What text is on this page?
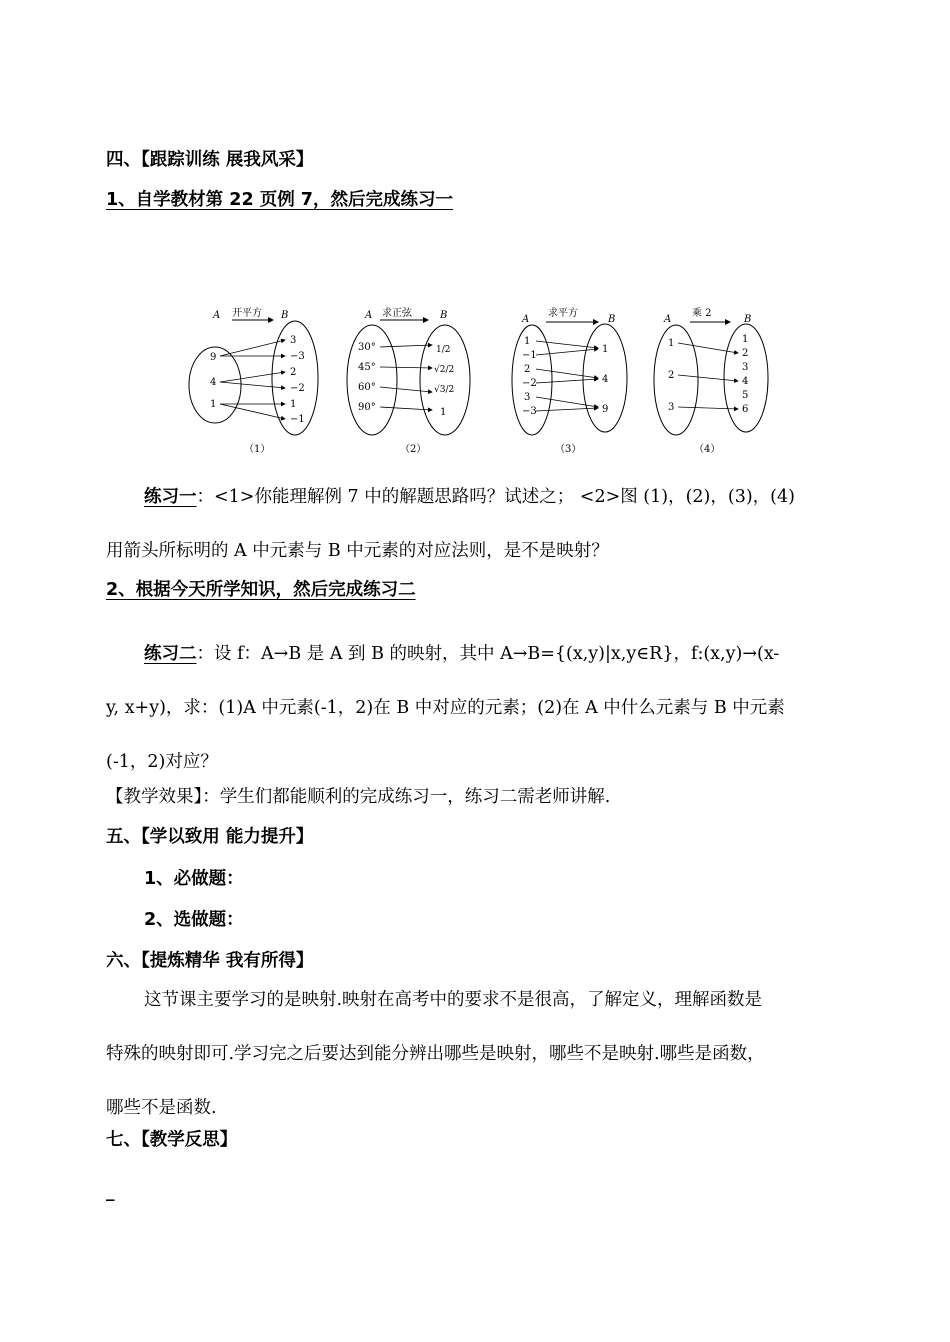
四、【跟踪训练 展我风采】
1、自学教材第 22 页例 7，然后完成练习一
A 开平方 B
9
4
1
3
−3
2
−2
1
−1
（1）
A 求正弦	B
30°
45°
60°
90°
1/2
√2/2
√3/2
1
（2）
A
求平方
B
1
−1
2
−2
3
−3
1
4
9
（3）
A
乘 2
B
1
2
3
1
2
3
4
5
6
（4）
练习一：<1>你能理解例 7 中的解题思路吗？试述之； <2>图 (1)，(2)，(3)，(4)
用箭头所标明的 A 中元素与 B 中元素的对应法则，是不是映射？
2、根据今天所学知识，然后完成练习二
练习二：设 f：A→B 是 A 到 B 的映射，其中 A→B={(x,y)|x,y∈R}，f:(x,y)→(x-
y, x+y)，求：(1)A 中元素(-1，2)在 B 中对应的元素；(2)在 A 中什么元素与 B 中元素
(-1，2)对应？
【教学效果】：学生们都能顺利的完成练习一，练习二需老师讲解.
五、【学以致用 能力提升】
1、必做题：
2、选做题：
六、【提炼精华 我有所得】
这节课主要学习的是映射.映射在高考中的要求不是很高，了解定义，理解函数是
特殊的映射即可.学习完之后要达到能分辨出哪些是映射，哪些不是映射.哪些是函数，
哪些不是函数.
七、【教学反思】
_
